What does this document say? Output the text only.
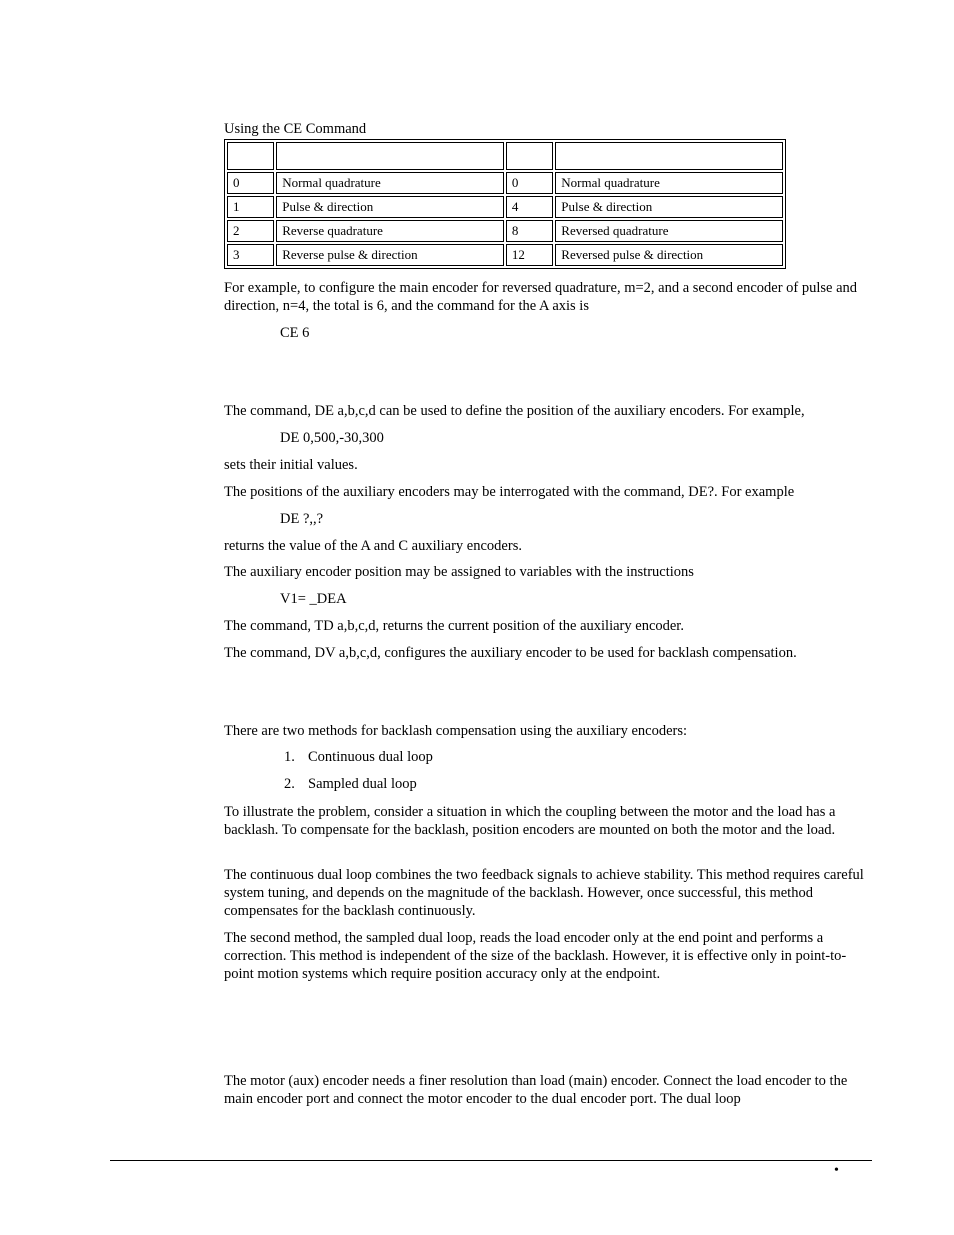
Using the CE Command

0	Normal quadrature	0	Normal quadrature
1	Pulse & direction	4	Pulse & direction
2	Reverse quadrature	8	Reversed quadrature
3	Reverse pulse & direction	12	Reversed pulse & direction

For example, to configure the main encoder for reversed quadrature, m=2, and a second encoder of pulse and direction, n=4, the total is 6, and the command for the A axis is

CE 6

The command, DE a,b,c,d can be used to define the position of the auxiliary encoders. For example,

DE 0,500,-30,300

sets their initial values.

The positions of the auxiliary encoders may be interrogated with the command, DE?. For example

DE ?,,?

returns the value of the A and C auxiliary encoders.

The auxiliary encoder position may be assigned to variables with the instructions

V1= _DEA

The command, TD a,b,c,d, returns the current position of the auxiliary encoder.

The command, DV a,b,c,d, configures the auxiliary encoder to be used for backlash compensation.

There are two methods for backlash compensation using the auxiliary encoders:

1. Continuous dual loop
2. Sampled dual loop

To illustrate the problem, consider a situation in which the coupling between the motor and the load has a backlash. To compensate for the backlash, position encoders are mounted on both the motor and the load.

The continuous dual loop combines the two feedback signals to achieve stability. This method requires careful system tuning, and depends on the magnitude of the backlash. However, once successful, this method compensates for the backlash continuously.

The second method, the sampled dual loop, reads the load encoder only at the end point and performs a correction. This method is independent of the size of the backlash. However, it is effective only in point-to-point motion systems which require position accuracy only at the endpoint.

The motor (aux) encoder needs a finer resolution than load (main) encoder. Connect the load encoder to the main encoder port and connect the motor encoder to the dual encoder port. The dual loop

•
